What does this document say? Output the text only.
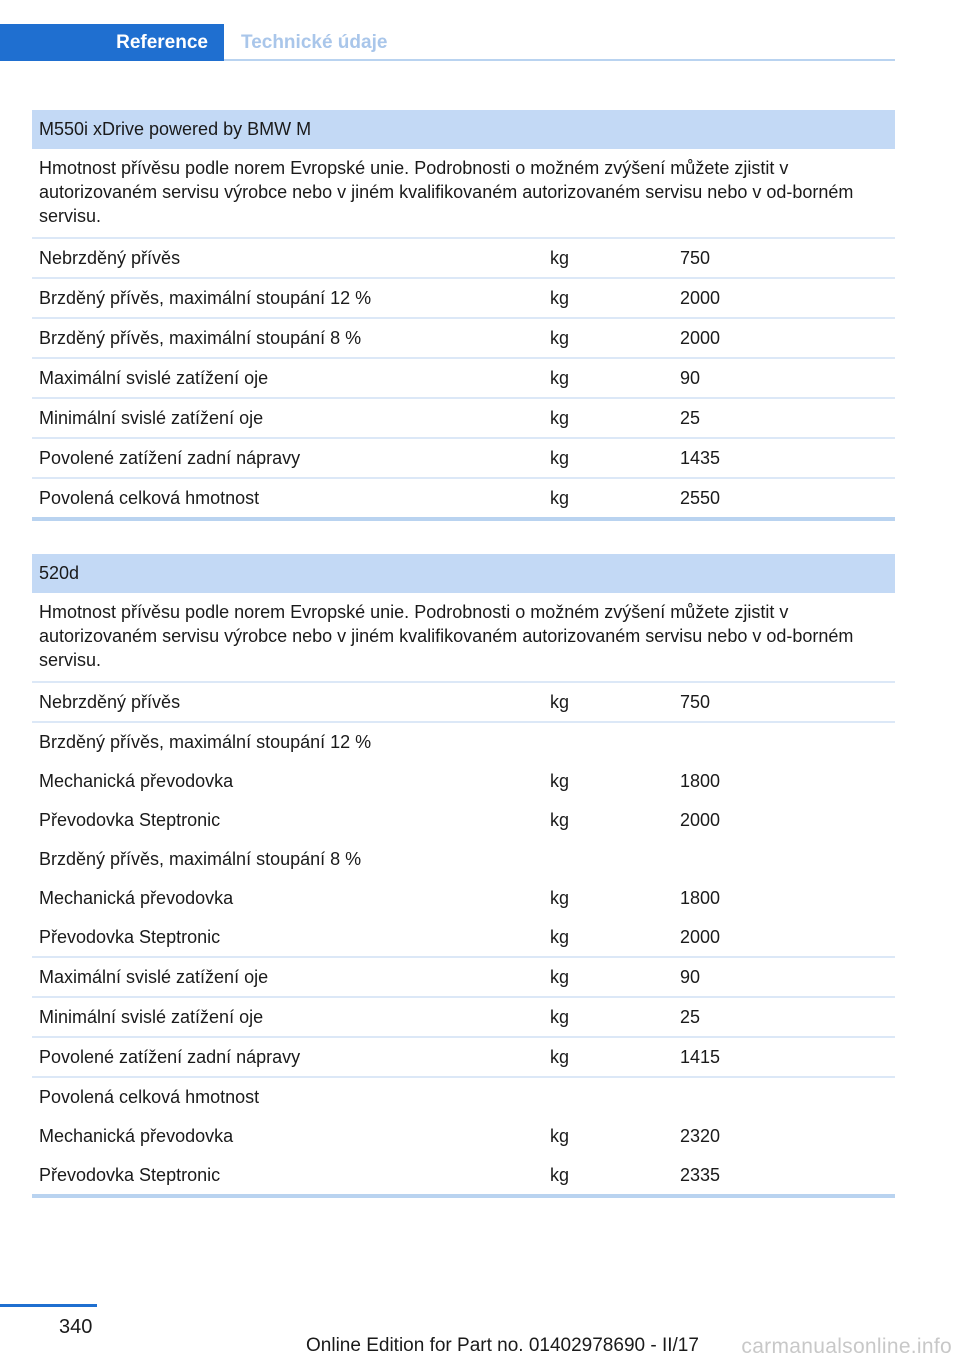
Reference	Technické údaje
M550i xDrive powered by BMW M
Hmotnost přívěsu podle norem Evropské unie. Podrobnosti o možném zvýšení můžete zjistit v autorizovaném servisu výrobce nebo v jiném kvalifikovaném autorizovaném servisu nebo v od‐borném servisu.
Nebrzděný přívěs	kg	750
Brzděný přívěs, maximální stoupání 12 %	kg	2000
Brzděný přívěs, maximální stoupání 8 %	kg	2000
Maximální svislé zatížení oje	kg	90
Minimální svislé zatížení oje	kg	25
Povolené zatížení zadní nápravy	kg	1435
Povolená celková hmotnost	kg	2550
520d
Hmotnost přívěsu podle norem Evropské unie. Podrobnosti o možném zvýšení můžete zjistit v autorizovaném servisu výrobce nebo v jiném kvalifikovaném autorizovaném servisu nebo v od‐borném servisu.
Nebrzděný přívěs	kg	750
Brzděný přívěs, maximální stoupání 12 %
Mechanická převodovka	kg	1800
Převodovka Steptronic	kg	2000
Brzděný přívěs, maximální stoupání 8 %
Mechanická převodovka	kg	1800
Převodovka Steptronic	kg	2000
Maximální svislé zatížení oje	kg	90
Minimální svislé zatížení oje	kg	25
Povolené zatížení zadní nápravy	kg	1415
Povolená celková hmotnost
Mechanická převodovka	kg	2320
Převodovka Steptronic	kg	2335
340
Online Edition for Part no. 01402978690 - II/17 carmanualsonline.info
